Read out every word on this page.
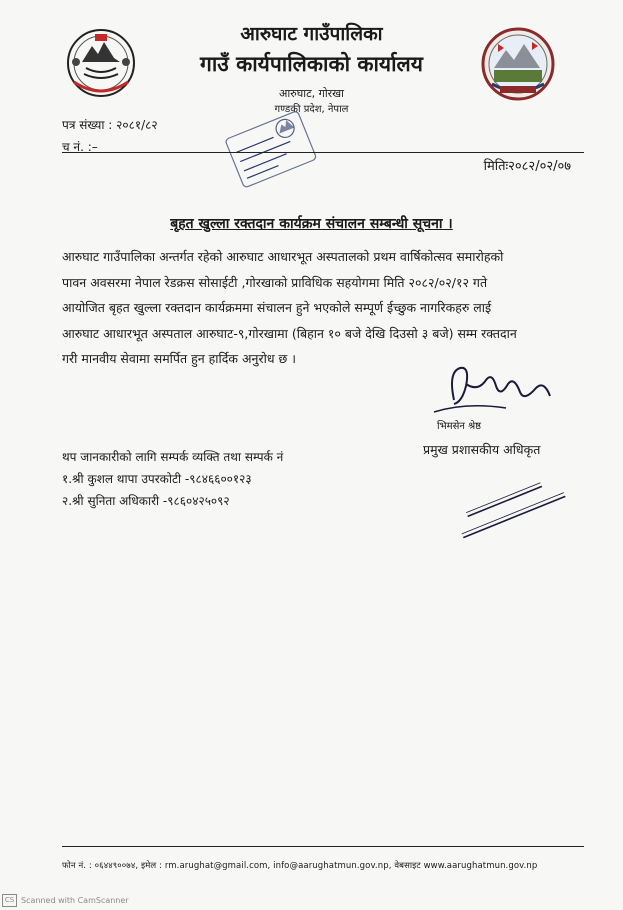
आरुघाट गाउँपालिका
गाउँ कार्यपालिकाको कार्यालय
आरुघाट, गोरखा
गण्डकी प्रदेश, नेपाल
पत्र संख्या : २०८१/८२
च नं. :–
मितिः२०८२/०२/०७
बृहत खुल्ला रक्तदान कार्यक्रम संचालन सम्बन्धी सूचना ।
आरुघाट गाउँपालिका अन्तर्गत रहेको आरुघाट आधारभूत अस्पतालको प्रथम वार्षिकोत्सव समारोहको
पावन अवसरमा नेपाल रेडक्रस सोसाईटी ,गोरखाको प्राविधिक सहयोगमा मिति २०८२/०२/१२ गते
आयोजित बृहत खुल्ला रक्तदान कार्यक्रममा संचालन हुने भएकोले सम्पूर्ण ईच्छुक नागरिकहरु लाई
आरुघाट आधारभूत अस्पताल आरुघाट-९,गोरखामा (बिहान १० बजे देखि दिउसो ३ बजे) सम्म रक्तदान
गरी मानवीय सेवामा समर्पित हुन हार्दिक अनुरोध छ ।
भिमसेन श्रेष्ठ
प्रमुख प्रशासकीय अधिकृत
थप जानकारीको लागि सम्पर्क व्यक्ति तथा सम्पर्क नं
१.श्री कुशल थापा उपरकोटी -९८४६६००१२३
२.श्री सुनिता अधिकारी -९८६०४२५०९२
फोन नं. : ०६४४९००७४, इमेल : rm.arughat@gmail.com, info@aarughatmun.gov.np, वेबसाइट www.aarughatmun.gov.np
CS Scanned with CamScanner
